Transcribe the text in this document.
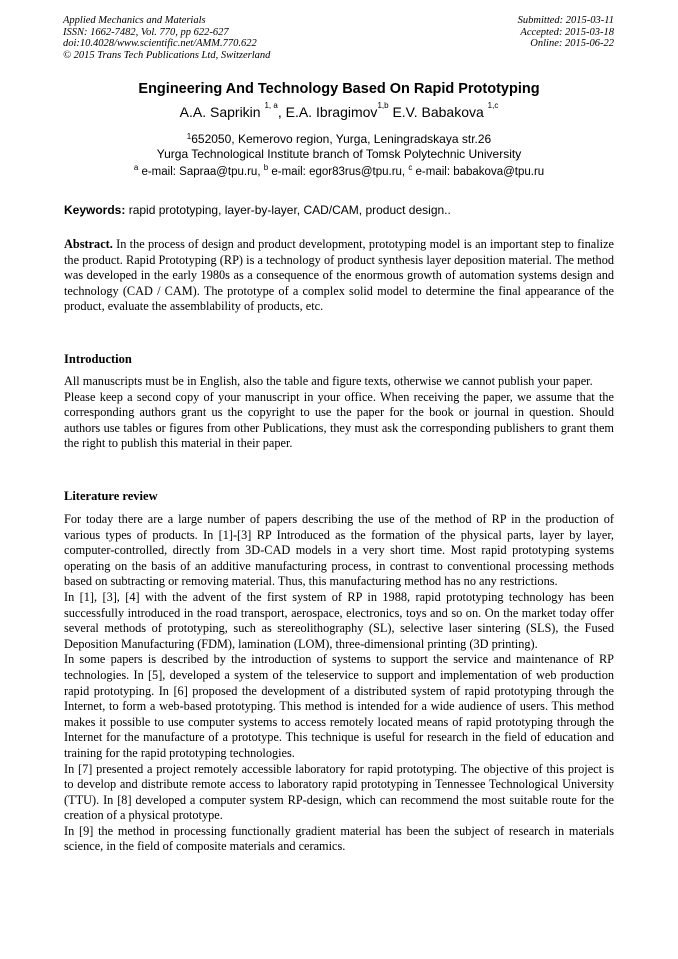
Applied Mechanics and Materials
ISSN: 1662-7482, Vol. 770, pp 622-627
doi:10.4028/www.scientific.net/AMM.770.622
© 2015 Trans Tech Publications Ltd, Switzerland
Submitted: 2015-03-11
Accepted: 2015-03-18
Online: 2015-06-22
Engineering And Technology Based On Rapid Prototyping
A.A. Saprikin $^{1, a}$, E.A. Ibragimov$^{1,b}$ E.V. Babakova $^{1,c}$
$^1$652050, Kemerovo region, Yurga, Leningradskaya str.26
Yurga Technological Institute branch of Tomsk Polytechnic University
$^a$ e-mail: Sapraa@tpu.ru, $^b$ e-mail: egor83rus@tpu.ru, $^c$ e-mail: babakova@tpu.ru
Keywords: rapid prototyping, layer-by-layer, CAD/CAM, product design..

Abstract. In the process of design and product development, prototyping model is an important step to finalize the product. Rapid Prototyping (RP) is a technology of product synthesis layer deposition material. The method was developed in the early 1980s as a consequence of the enormous growth of automation systems design and technology (CAD / CAM). The prototype of a complex solid model to determine the final appearance of the product, evaluate the assemblability of products, etc.

Introduction

All manuscripts must be in English, also the table and figure texts, otherwise we cannot publish your paper.

Please keep a second copy of your manuscript in your office. When receiving the paper, we assume that the corresponding authors grant us the copyright to use the paper for the book or journal in question. Should authors use tables or figures from other Publications, they must ask the corresponding publishers to grant them the right to publish this material in their paper.

Literature review

For today there are a large number of papers describing the use of the method of RP in the production of various types of products. In [1]-[3] RP Introduced as the formation of the physical parts, layer by layer, computer-controlled, directly from 3D-CAD models in a very short time. Most rapid prototyping systems operating on the basis of an additive manufacturing process, in contrast to conventional processing methods based on subtracting or removing material. Thus, this manufacturing method has no any restrictions.

In [1], [3], [4] with the advent of the first system of RP in 1988, rapid prototyping technology has been successfully introduced in the road transport, aerospace, electronics, toys and so on. On the market today offer several methods of prototyping, such as stereolithography (SL), selective laser sintering (SLS), the Fused Deposition Manufacturing (FDM), lamination (LOM), three-dimensional printing (3D printing).

In some papers is described by the introduction of systems to support the service and maintenance of RP technologies. In [5], developed a system of the teleservice to support and implementation of web production rapid prototyping. In [6] proposed the development of a distributed system of rapid prototyping through the Internet, to form a web-based prototyping. This method is intended for a wide audience of users. This method makes it possible to use computer systems to access remotely located means of rapid prototyping through the Internet for the manufacture of a prototype. This technique is useful for research in the field of education and training for the rapid prototyping technologies.

In [7] presented a project remotely accessible laboratory for rapid prototyping. The objective of this project is to develop and distribute remote access to laboratory rapid prototyping in Tennessee Technological University (TTU). In [8] developed a computer system RP-design, which can recommend the most suitable route for the creation of a physical prototype.

In [9] the method in processing functionally gradient material has been the subject of research in materials science, in the field of composite materials and ceramics.
